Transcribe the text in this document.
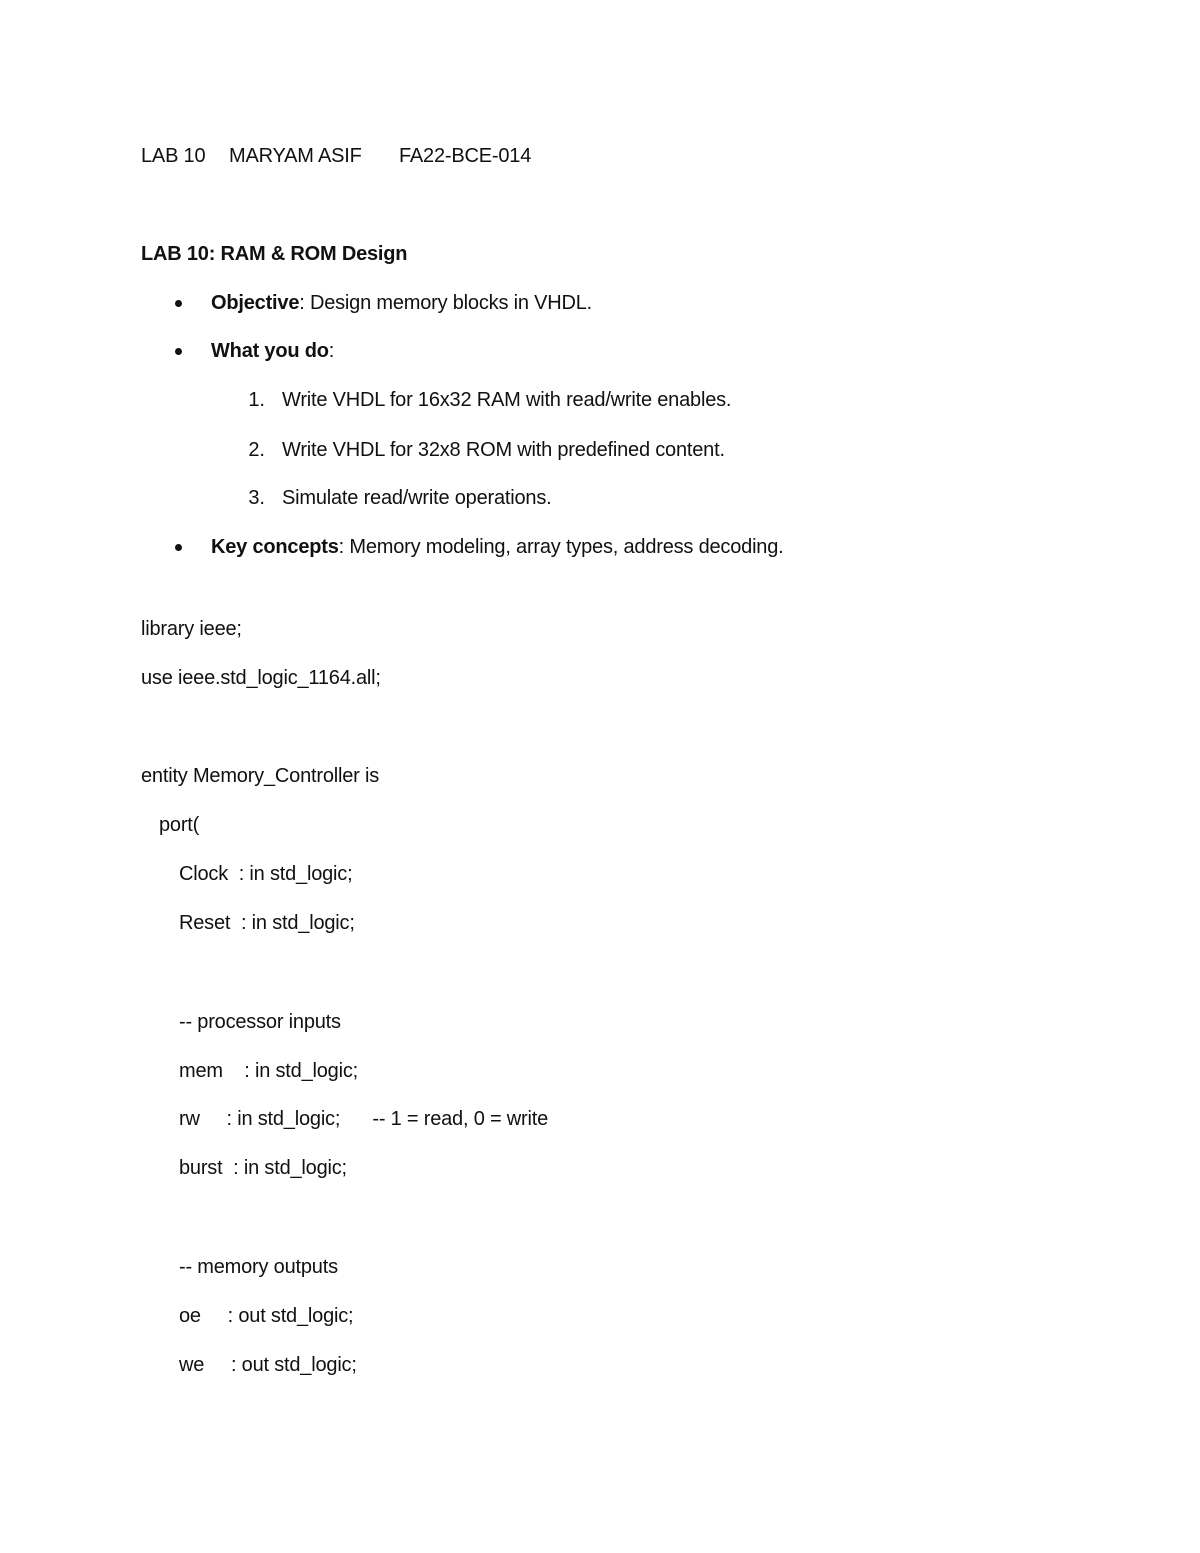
LAB 10 MARYAM ASIF FA22-BCE-014
LAB 10: RAM & ROM Design
Objective: Design memory blocks in VHDL.
What you do:
1. Write VHDL for 16x32 RAM with read/write enables.
2. Write VHDL for 32x8 ROM with predefined content.
3. Simulate read/write operations.
Key concepts: Memory modeling, array types, address decoding.
library ieee;
use ieee.std_logic_1164.all;
entity Memory_Controller is
port(
Clock  : in std_logic;
Reset  : in std_logic;
-- processor inputs
mem    : in std_logic;
rw     : in std_logic;      -- 1 = read, 0 = write
burst  : in std_logic;
-- memory outputs
oe     : out std_logic;
we     : out std_logic;
